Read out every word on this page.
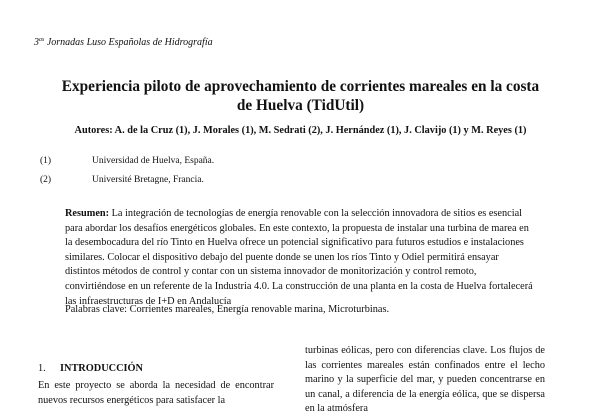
$3^{as}$ Jornadas Luso Españolas de Hidrografía
Experiencia piloto de aprovechamiento de corrientes mareales en la costa de Huelva (TidUtil)
Autores: A. de la Cruz (1), J. Morales (1), M. Sedrati (2), J. Hernández (1), J. Clavijo (1) y M. Reyes (1)
(1)	Universidad de Huelva, España.
(2)	Université Bretagne, Francia.
Resumen: La integración de tecnologías de energía renovable con la selección innovadora de sitios es esencial para abordar los desafíos energéticos globales. En este contexto, la propuesta de instalar una turbina de marea en la desembocadura del río Tinto en Huelva ofrece un potencial significativo para futuros estudios e instalaciones similares. Colocar el dispositivo debajo del puente donde se unen los ríos Tinto y Odiel permitirá ensayar distintos métodos de control y contar con un sistema innovador de monitorización y control remoto, convirtiéndose en un referente de la Industria 4.0. La construcción de una planta en la costa de Huelva fortalecerá las infraestructuras de I+D en Andalucía
Palabras clave: Corrientes mareales, Energía renovable marina, Microturbinas.
1. INTRODUCCIÓN
En este proyecto se aborda la necesidad de encontrar nuevos recursos energéticos para satisfacer la
turbinas eólicas, pero con diferencias clave. Los flujos de las corrientes mareales están confinados entre el lecho marino y la superficie del mar, y pueden concentrarse en un canal, a diferencia de la energía eólica, que se dispersa en la atmósfera
